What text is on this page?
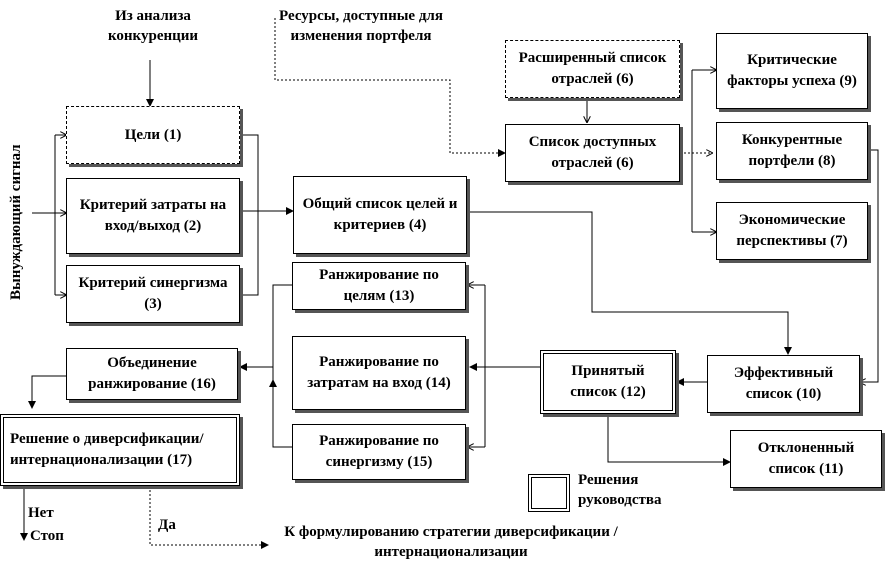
Из анализа конкуренции
Ресурсы, доступные для изменения портфеля
Вынуждающий сигнал
Цели (1)
Критерий затраты на вход/выход (2)
Критерий синергизма (3)
Общий список целей и критериев (4)
Расширенный список отраслей (6)
Список доступных отраслей (6)
Критические факторы успеха (9)
Конкурентные портфели (8)
Экономические перспективы (7)
Ранжирование по целям (13)
Ранжирование по затратам на вход (14)
Ранжирование по синергизму (15)
Объединение ранжирование (16)
Решение о диверсификации/ интернационализации (17)
Принятый список (12)
Эффективный список (10)
Отклоненный список (11)
Решения руководства
Нет
Стоп
Да	К формулированию стратегии диверсификации / интернационализации
